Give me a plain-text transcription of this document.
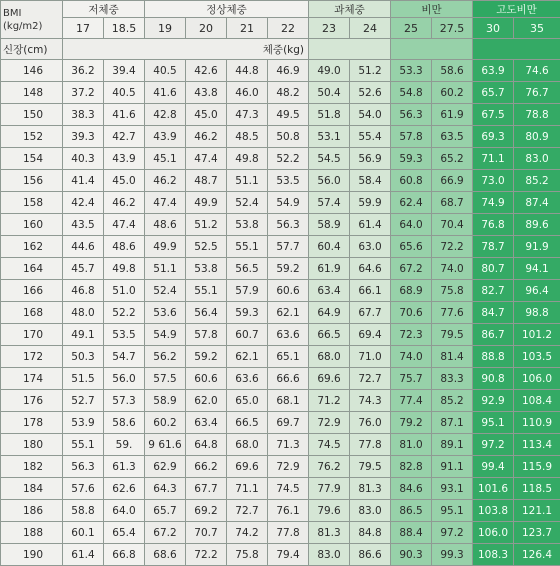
BMI
(kg/m2)	저체중		정상체중				과체중		비만		고도비만	
	17	18.5	19	20	21	22	23	24	25	27.5	30	35
신장(cm)	체중(kg)											
146	36.2	39.4	40.5	42.6	44.8	46.9	49.0	51.2	53.3	58.6	63.9	74.6
148	37.2	40.5	41.6	43.8	46.0	48.2	50.4	52.6	54.8	60.2	65.7	76.7
150	38.3	41.6	42.8	45.0	47.3	49.5	51.8	54.0	56.3	61.9	67.5	78.8
152	39.3	42.7	43.9	46.2	48.5	50.8	53.1	55.4	57.8	63.5	69.3	80.9
154	40.3	43.9	45.1	47.4	49.8	52.2	54.5	56.9	59.3	65.2	71.1	83.0
156	41.4	45.0	46.2	48.7	51.1	53.5	56.0	58.4	60.8	66.9	73.0	85.2
158	42.4	46.2	47.4	49.9	52.4	54.9	57.4	59.9	62.4	68.7	74.9	87.4
160	43.5	47.4	48.6	51.2	53.8	56.3	58.9	61.4	64.0	70.4	76.8	89.6
162	44.6	48.6	49.9	52.5	55.1	57.7	60.4	63.0	65.6	72.2	78.7	91.9
164	45.7	49.8	51.1	53.8	56.5	59.2	61.9	64.6	67.2	74.0	80.7	94.1
166	46.8	51.0	52.4	55.1	57.9	60.6	63.4	66.1	68.9	75.8	82.7	96.4
168	48.0	52.2	53.6	56.4	59.3	62.1	64.9	67.7	70.6	77.6	84.7	98.8
170	49.1	53.5	54.9	57.8	60.7	63.6	66.5	69.4	72.3	79.5	86.7	101.2
172	50.3	54.7	56.2	59.2	62.1	65.1	68.0	71.0	74.0	81.4	88.8	103.5
174	51.5	56.0	57.5	60.6	63.6	66.6	69.6	72.7	75.7	83.3	90.8	106.0
176	52.7	57.3	58.9	62.0	65.0	68.1	71.2	74.3	77.4	85.2	92.9	108.4
178	53.9	58.6	60.2	63.4	66.5	69.7	72.9	76.0	79.2	87.1	95.1	110.9
180	55.1	59.	9 61.6	64.8	68.0	71.3	74.5	77.8	81.0	89.1	97.2	113.4
182	56.3	61.3	62.9	66.2	69.6	72.9	76.2	79.5	82.8	91.1	99.4	115.9
184	57.6	62.6	64.3	67.7	71.1	74.5	77.9	81.3	84.6	93.1	101.6	118.5
186	58.8	64.0	65.7	69.2	72.7	76.1	79.6	83.0	86.5	95.1	103.8	121.1
188	60.1	65.4	67.2	70.7	74.2	77.8	81.3	84.8	88.4	97.2	106.0	123.7
190	61.4	66.8	68.6	72.2	75.8	79.4	83.0	86.6	90.3	99.3	108.3	126.4
